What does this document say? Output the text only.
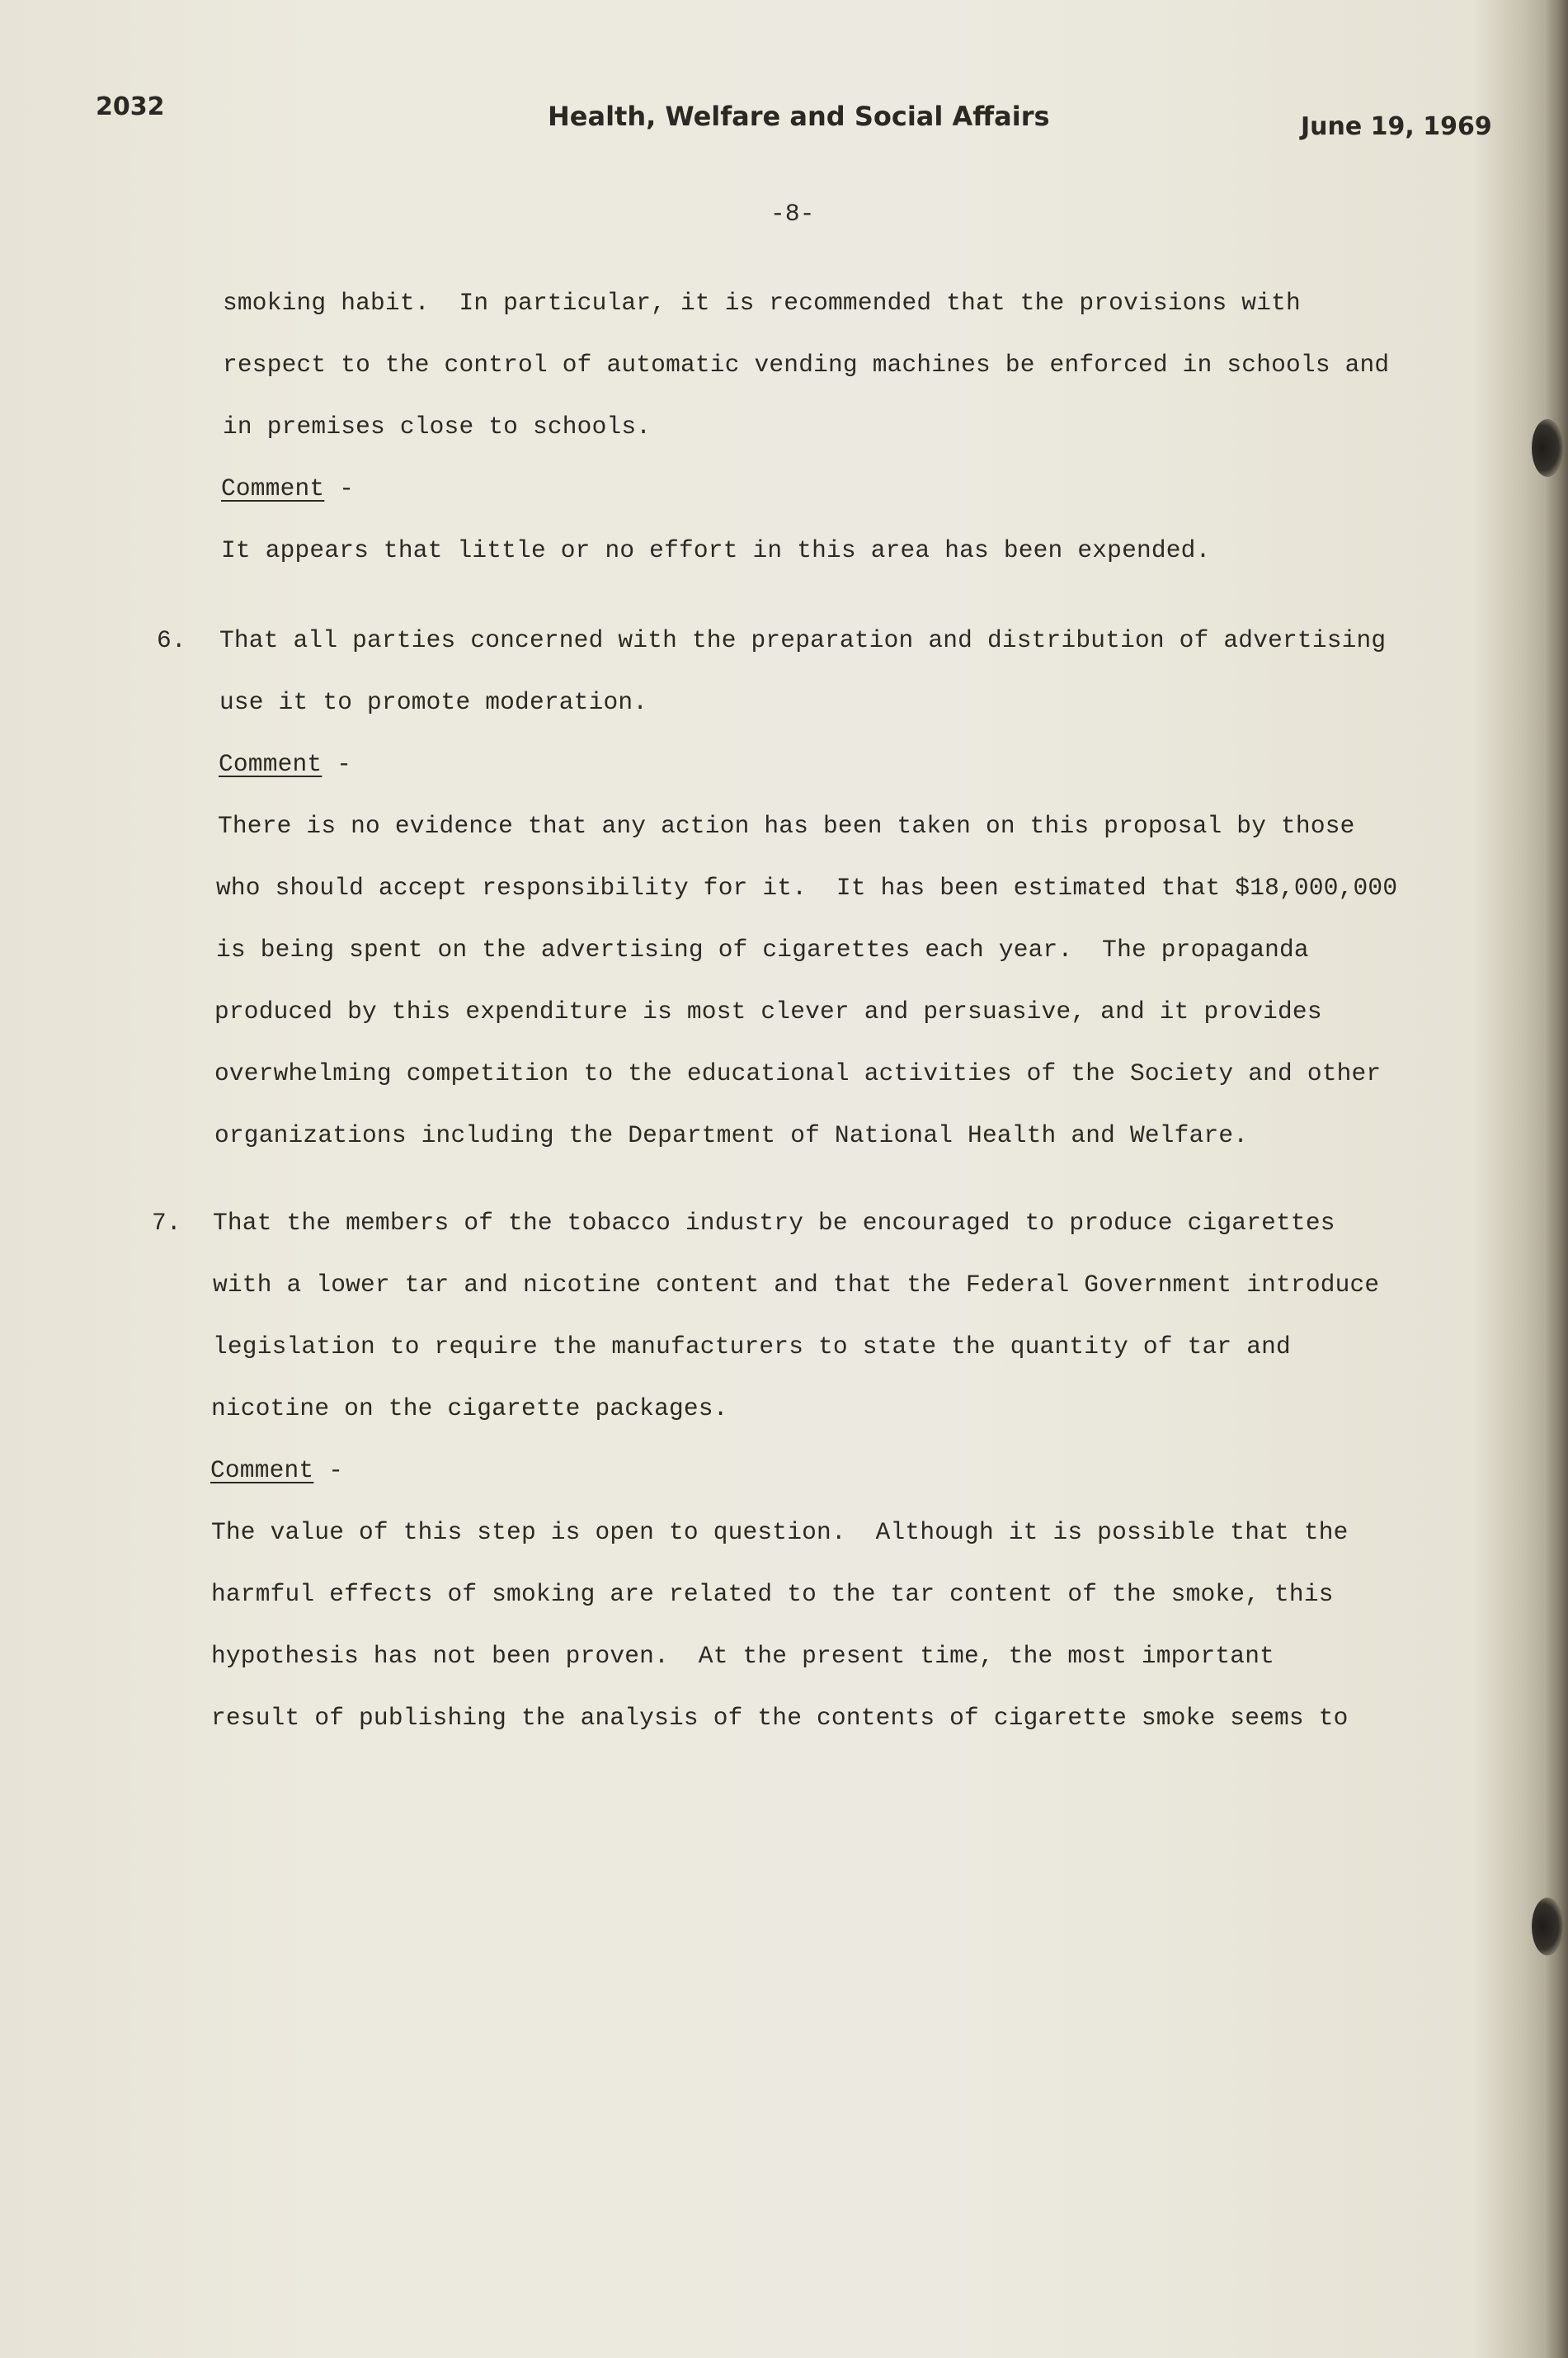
2032	Health, Welfare and Social Affairs	June 19, 1969
-8-
smoking habit.  In particular, it is recommended that the provisions with
respect to the control of automatic vending machines be enforced in schools and
in premises close to schools.
Comment -
It appears that little or no effort in this area has been expended.
6. That all parties concerned with the preparation and distribution of advertising
use it to promote moderation.
Comment -
There is no evidence that any action has been taken on this proposal by those
who should accept responsibility for it.  It has been estimated that $18,000,000
is being spent on the advertising of cigarettes each year.  The propaganda
produced by this expenditure is most clever and persuasive, and it provides
overwhelming competition to the educational activities of the Society and other
organizations including the Department of National Health and Welfare.
7. That the members of the tobacco industry be encouraged to produce cigarettes
with a lower tar and nicotine content and that the Federal Government introduce
legislation to require the manufacturers to state the quantity of tar and
nicotine on the cigarette packages.
Comment -
The value of this step is open to question.  Although it is possible that the
harmful effects of smoking are related to the tar content of the smoke, this
hypothesis has not been proven.  At the present time, the most important
result of publishing the analysis of the contents of cigarette smoke seems to
